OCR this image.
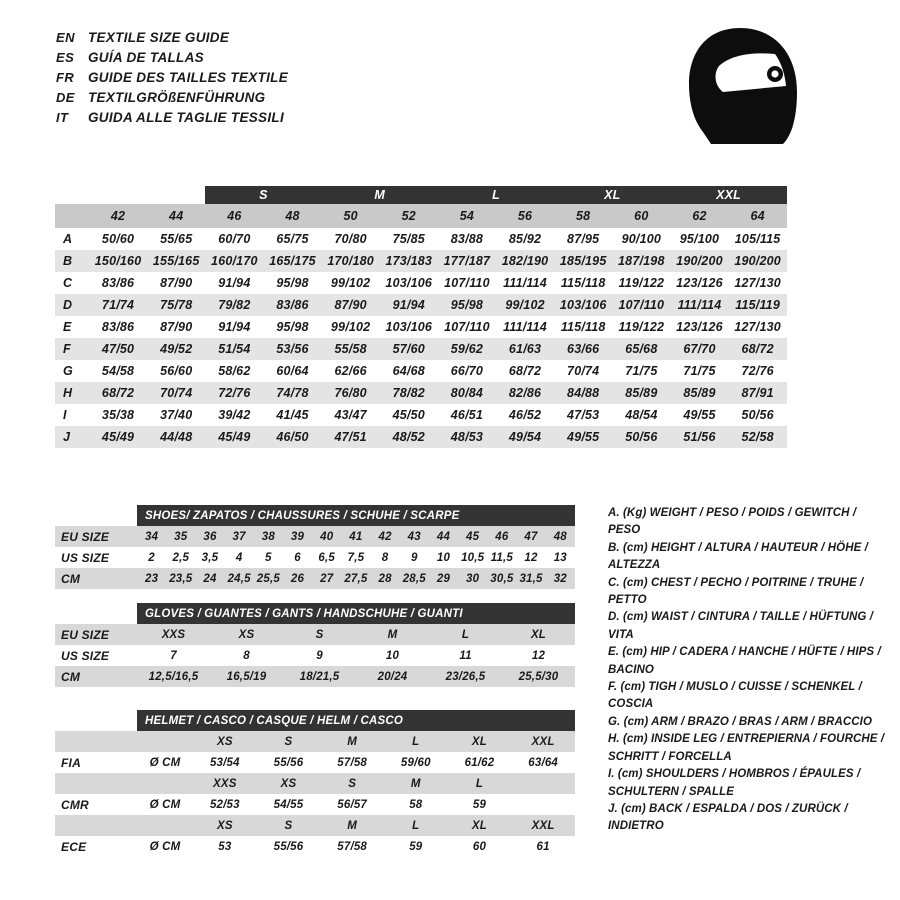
EN TEXTILE SIZE GUIDE
ES	GUÍA DE TALLAS
FR	GUIDE DES TAILLES TEXTILE
DE TEXTILGRÖßENFÜHRUNG
IT	GUIDA ALLE TAGLIE TESSILI
			S		M		L		XL		XXL		
	42	44	46	48	50	52	54	56	58	60	62	64	
A	50/60	55/65	60/70	65/75	70/80	75/85	83/88	85/92	87/95	90/100	95/100	105/115	
B	150/160	155/165	160/170	165/175	170/180	173/183	177/187	182/190	185/195	187/198	190/200	190/200	
C	83/86	87/90	91/94	95/98	99/102	103/106	107/110	111/114	115/118	119/122	123/126	127/130	
D	71/74	75/78	79/82	83/86	87/90	91/94	95/98	99/102	103/106	107/110	111/114	115/119	
E	83/86	87/90	91/94	95/98	99/102	103/106	107/110	111/114	115/118	119/122	123/126	127/130	
F	47/50	49/52	51/54	53/56	55/58	57/60	59/62	61/63	63/66	65/68	67/70	68/72	
G	54/58	56/60	58/62	60/64	62/66	64/68	66/70	68/72	70/74	71/75	71/75	72/76	
H	68/72	70/74	72/76	74/78	76/80	78/82	80/84	82/86	84/88	85/89	85/89	87/91	
I	35/38	37/40	39/42	41/45	43/47	45/50	46/51	46/52	47/53	48/54	49/55	50/56	
J	45/49	44/48	45/49	46/50	47/51	48/52	48/53	49/54	49/55	50/56	51/56	52/58	
	SHOES/ ZAPATOS / CHAUSSURES / SCHUHE / SCARPE														
EU SIZE	34	35	36	37	38	39	40	41	42	43	44	45	46	47	48
US SIZE	2	2,5	3,5	4	5	6	6,5	7,5	8	9	10	10,5	11,5	12	13
CM	23	23,5	24	24,5	25,5	26	27	27,5	28	28,5	29	30	30,5	31,5	32
	GLOVES / GUANTES / GANTS / HANDSCHUHE / GUANTI					
EU SIZE	XXS	XS	S	M	L	XL
US SIZE	7	8	9	10	11	12
CM	12,5/16,5	16,5/19	18/21,5	20/24	23/26,5	25,5/30
	HELMET / CASCO / CASQUE / HELM / CASCO						
		XS	S	M	L	XL	XXL
FIA	Ø CM	53/54	55/56	57/58	59/60	61/62	63/64
		XXS	XS	S	M	L	
CMR	Ø CM	52/53	54/55	56/57	58	59	
		XS	S	M	L	XL	XXL
ECE	Ø CM	53	55/56	57/58	59	60	61
A. (Kg) WEIGHT / PESO / POIDS / GEWITCH / PESO
B. (cm) HEIGHT / ALTURA / HAUTEUR / HÖHE / ALTEZZA
C. (cm) CHEST / PECHO / POITRINE / TRUHE / PETTO
D. (cm) WAIST / CINTURA / TAILLE / HÜFTUNG / VITA
E. (cm) HIP / CADERA / HANCHE / HÜFTE / HIPS / BACINO
F. (cm) TIGH / MUSLO / CUISSE / SCHENKEL / COSCIA
G. (cm) ARM / BRAZO / BRAS / ARM / BRACCIO
H. (cm) INSIDE LEG / ENTREPIERNA / FOURCHE /
SCHRITT / FORCELLA
I. (cm) SHOULDERS / HOMBROS / ÉPAULES /
SCHULTERN / SPALLE
J. (cm) BACK / ESPALDA / DOS / ZURÜCK / INDIETRO
